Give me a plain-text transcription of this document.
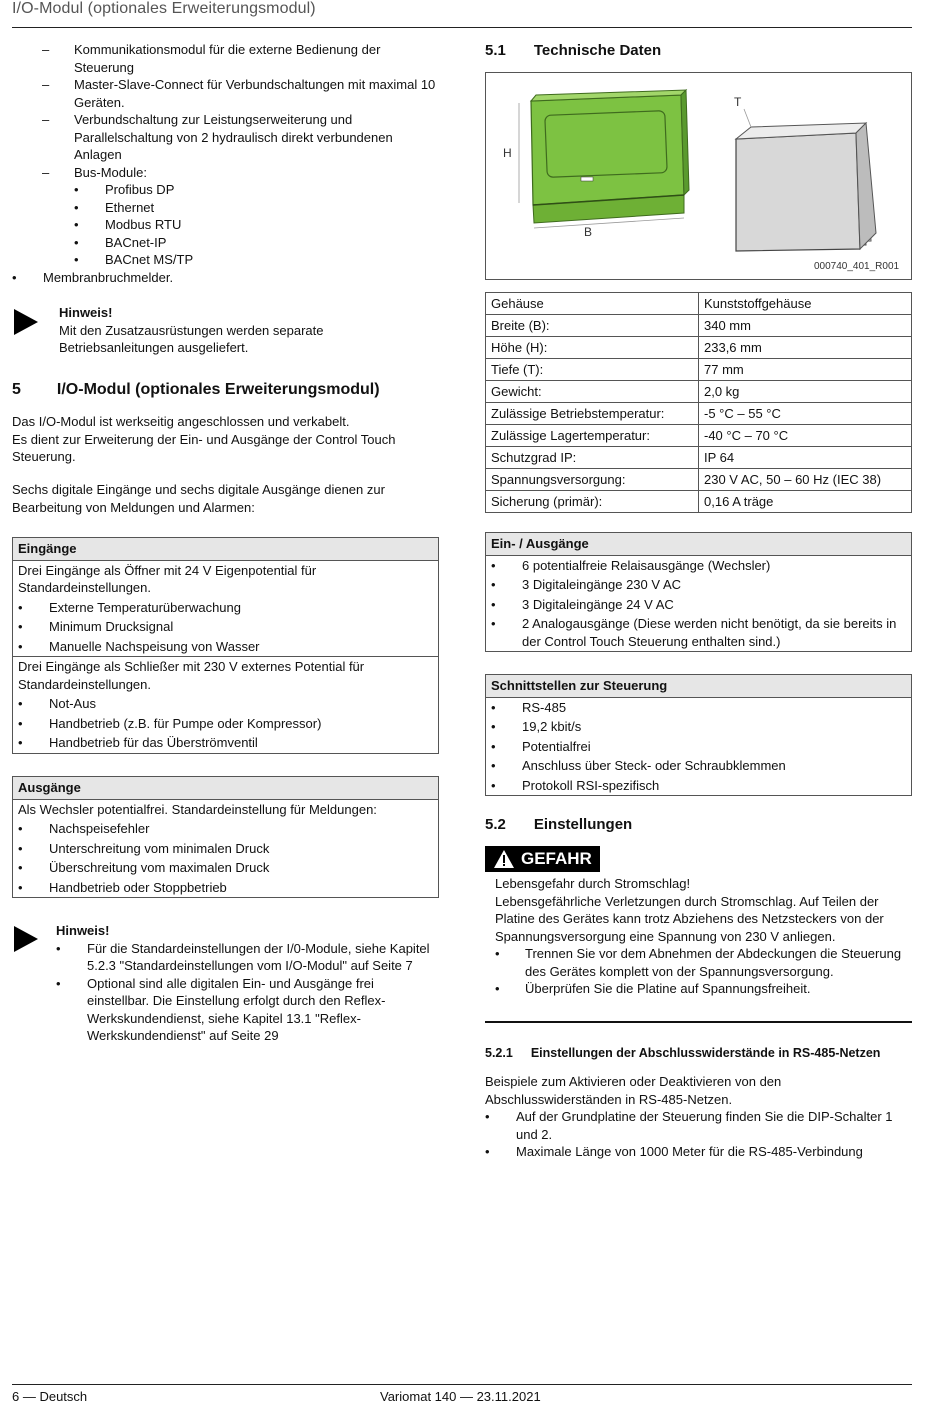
I/O-Modul (optionales Erweiterungsmodul)
– Kommunikationsmodul für die externe Bedienung der Steuerung
– Master-Slave-Connect für Verbundschaltungen mit maximal 10 Geräten.
– Verbundschaltung zur Leistungserweiterung und Parallelschaltung von 2 hydraulisch direkt verbundenen Anlagen
– Bus-Module:
• Profibus DP
• Ethernet
• Modbus RTU
• BACnet-IP
• BACnet MS/TP
• Membranbruchmelder.
Hinweis!
Mit den Zusatzausrüstungen werden separate Betriebsanleitungen ausgeliefert.
5 I/O-Modul (optionales Erweiterungsmodul)
Das I/O-Modul ist werkseitig angeschlossen und verkabelt.
Es dient zur Erweiterung der Ein- und Ausgänge der Control Touch Steuerung.
Sechs digitale Eingänge und sechs digitale Ausgänge dienen zur Bearbeitung von Meldungen und Alarmen:
Eingänge
Drei Eingänge als Öffner mit 24 V Eigenpotential für Standardeinstellungen.
• Externe Temperaturüberwachung
• Minimum Drucksignal
• Manuelle Nachspeisung von Wasser
Drei Eingänge als Schließer mit 230 V externes Potential für Standardeinstellungen.
• Not-Aus
• Handbetrieb (z.B. für Pumpe oder Kompressor)
• Handbetrieb für das Überströmventil
Ausgänge
Als Wechsler potentialfrei. Standardeinstellung für Meldungen:
• Nachspeisefehler
• Unterschreitung vom minimalen Druck
• Überschreitung vom maximalen Druck
• Handbetrieb oder Stoppbetrieb
Hinweis!
• Für die Standardeinstellungen der I/0-Module, siehe Kapitel 5.2.3 "Standardeinstellungen vom I/O-Modul" auf Seite 7
• Optional sind alle digitalen Ein- und Ausgänge frei einstellbar. Die Einstellung erfolgt durch den Reflex-Werkskundendienst, siehe Kapitel 13.1 "Reflex-Werkskundendienst" auf Seite 29
5.1 Technische Daten
H
B
T
000740_401_R001
Gehäuse	Kunststoffgehäuse
Breite (B):	340 mm
Höhe (H):	233,6 mm
Tiefe (T):	77 mm
Gewicht:	2,0 kg
Zulässige Betriebstemperatur:	-5 °C – 55 °C
Zulässige Lagertemperatur:	-40 °C – 70 °C
Schutzgrad IP:	IP 64
Spannungsversorgung:	230 V AC, 50 – 60 Hz (IEC 38)
Sicherung (primär):	0,16 A träge
Ein- / Ausgänge
• 6 potentialfreie Relaisausgänge (Wechsler)
• 3 Digitaleingänge 230 V AC
• 3 Digitaleingänge 24 V AC
• 2 Analogausgänge (Diese werden nicht benötigt, da sie bereits in der Control Touch Steuerung enthalten sind.)
Schnittstellen zur Steuerung
• RS-485
• 19,2 kbit/s
• Potentialfrei
• Anschluss über Steck- oder Schraubklemmen
• Protokoll RSI-spezifisch
5.2 Einstellungen
GEFAHR
Lebensgefahr durch Stromschlag!
Lebensgefährliche Verletzungen durch Stromschlag. Auf Teilen der Platine des Gerätes kann trotz Abziehens des Netzsteckers von der Spannungsversorgung eine Spannung von 230 V anliegen.
• Trennen Sie vor dem Abnehmen der Abdeckungen die Steuerung des Gerätes komplett von der Spannungsversorgung.
• Überprüfen Sie die Platine auf Spannungsfreiheit.
5.2.1 Einstellungen der Abschlusswiderstände in RS-485-Netzen
Beispiele zum Aktivieren oder Deaktivieren von den Abschlusswiderständen in RS-485-Netzen.
• Auf der Grundplatine der Steuerung finden Sie die DIP-Schalter 1 und 2.
• Maximale Länge von 1000 Meter für die RS-485-Verbindung
6 — Deutsch	Variomat 140 — 23.11.2021
